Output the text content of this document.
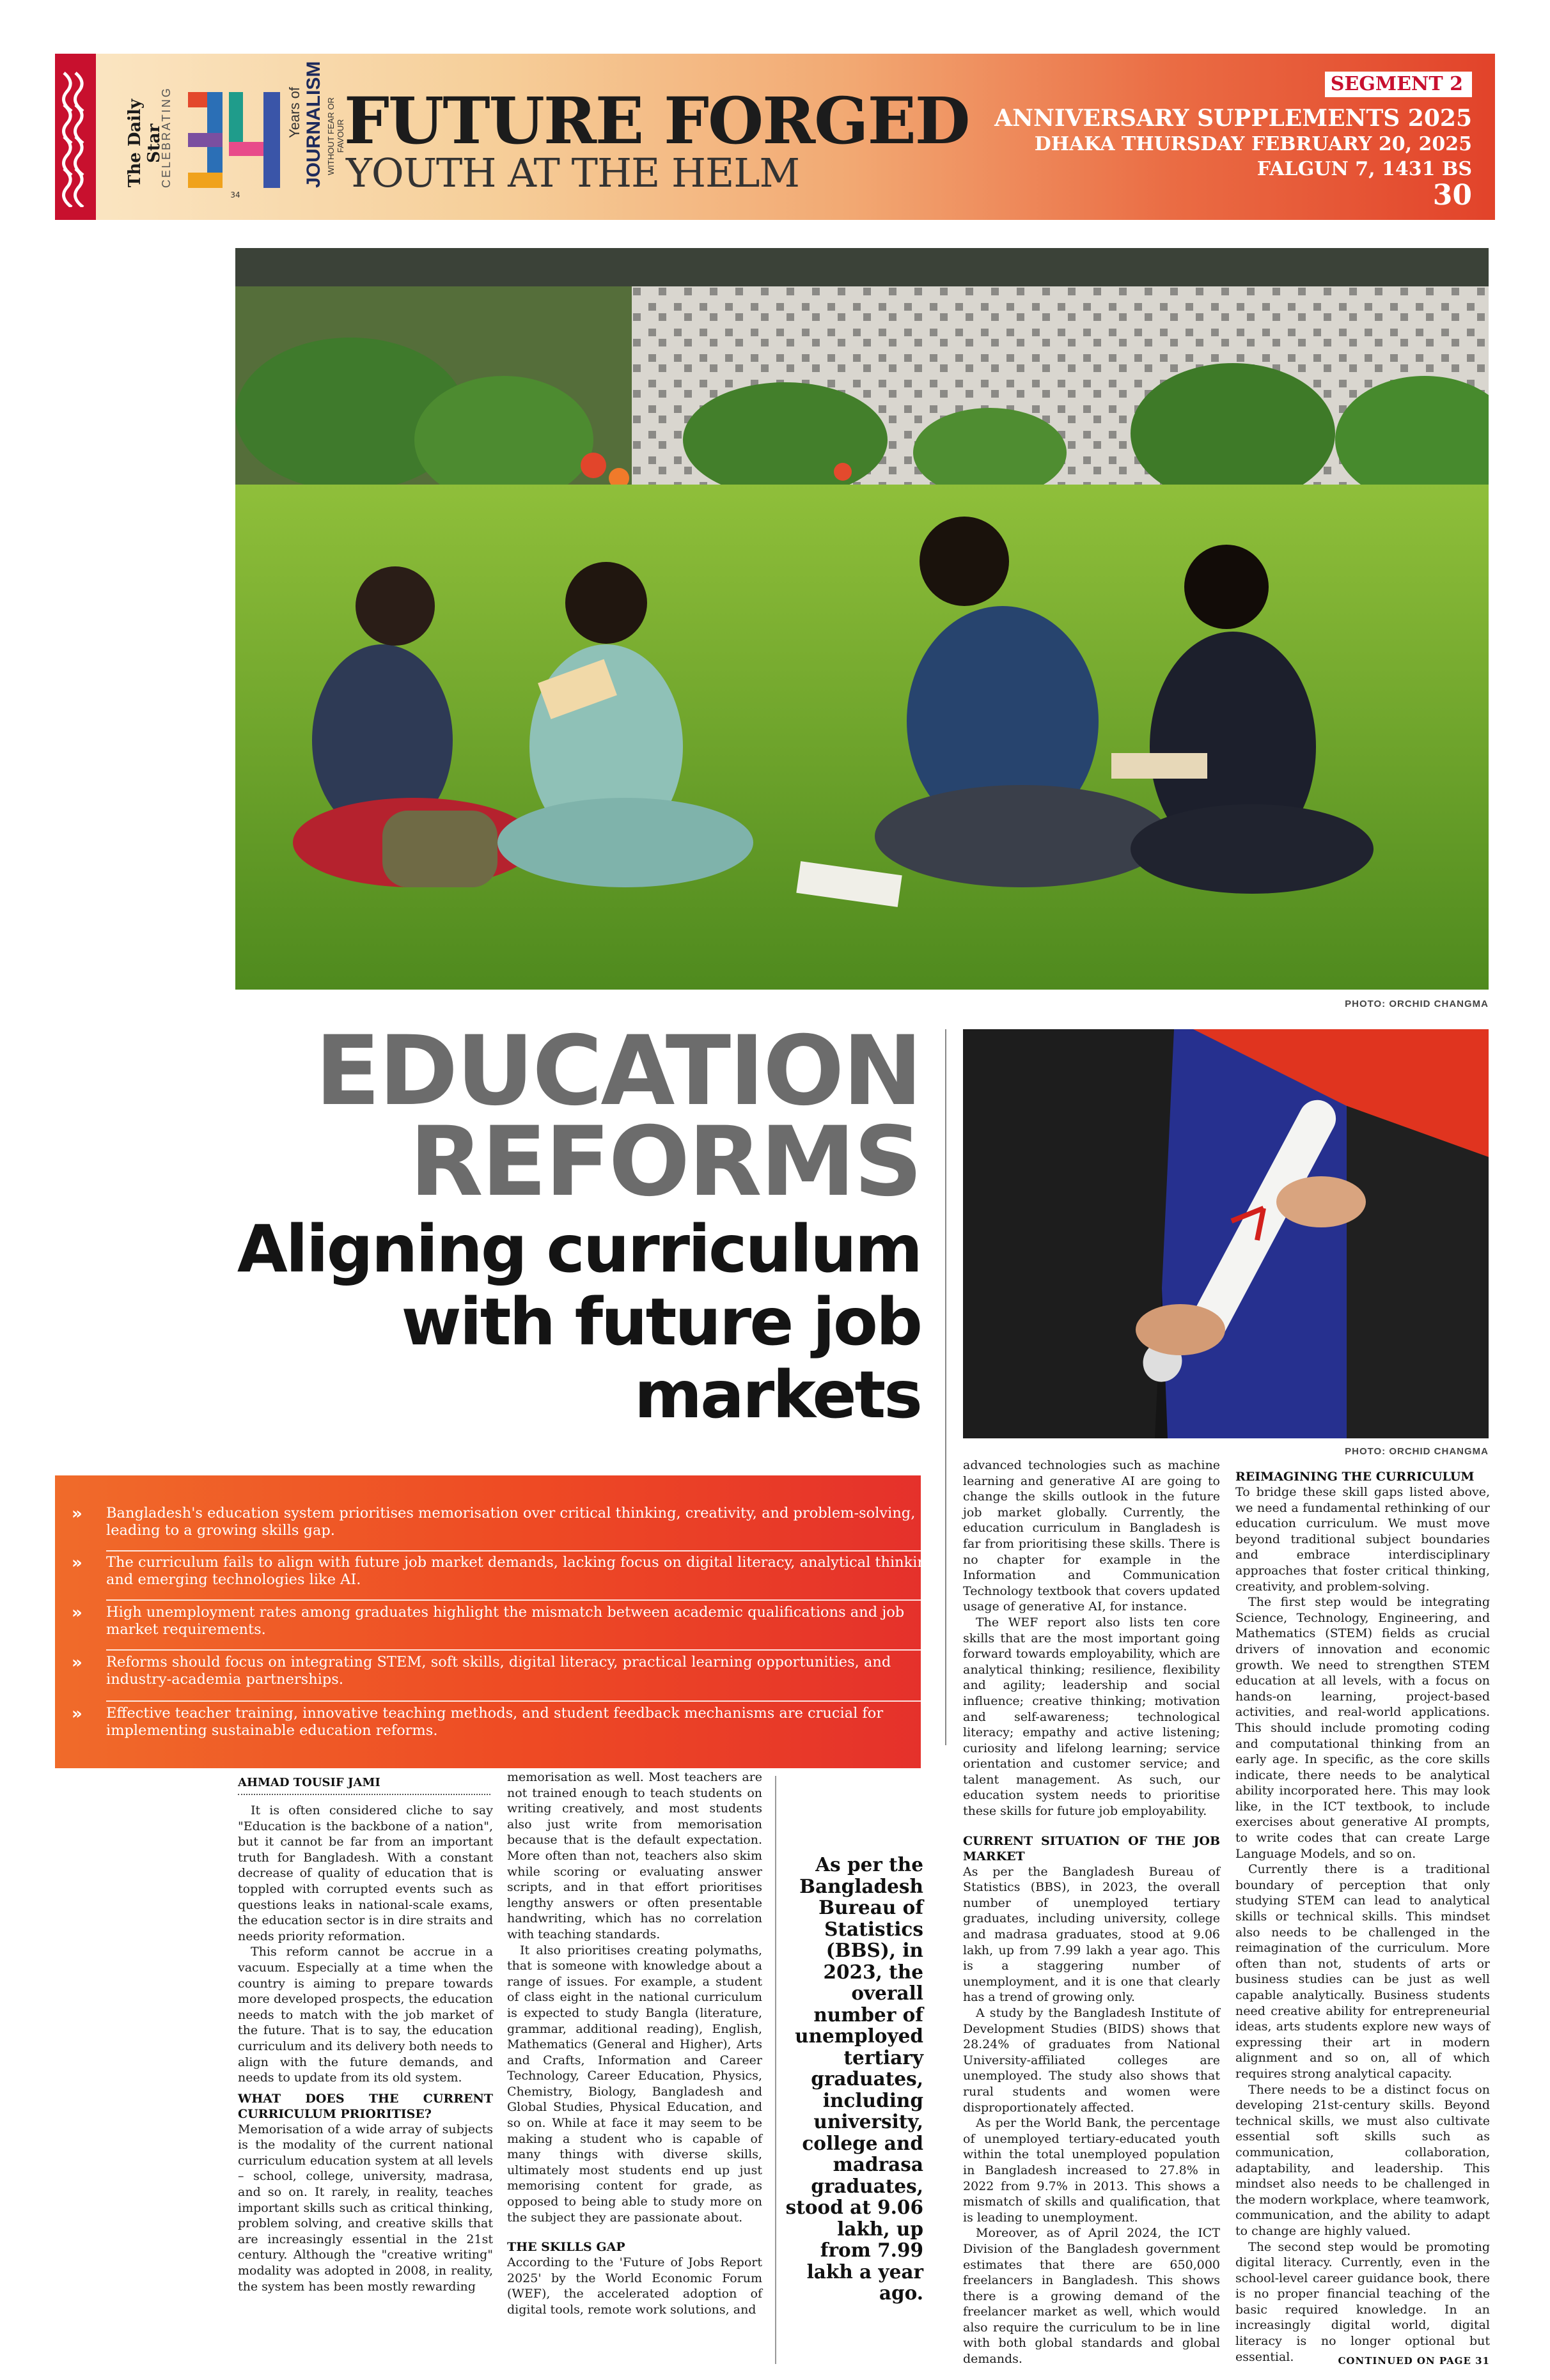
The Daily Star
CELEBRATING
34
Years of JOURNALISM WITHOUT FEAR OR FAVOUR
FUTURE FORGED
YOUTH AT THE HELM
SEGMENT 2
ANNIVERSARY SUPPLEMENTS 2025
DHAKA THURSDAY FEBRUARY 20, 2025
FALGUN 7, 1431 BS
30
PHOTO: ORCHID CHANGMA
EDUCATION
REFORMS
Aligning curriculum
with future job
markets
PHOTO: ORCHID CHANGMA
» Bangladesh's education system prioritises memorisation over critical thinking, creativity, and problem-solving, leading to a growing skills gap.
» The curriculum fails to align with future job market demands, lacking focus on digital literacy, analytical thinking, and emerging technologies like AI.
» High unemployment rates among graduates highlight the mismatch between academic qualifications and job market requirements.
» Reforms should focus on integrating STEM, soft skills, digital literacy, practical learning opportunities, and industry-academia partnerships.
» Effective teacher training, innovative teaching methods, and student feedback mechanisms are crucial for implementing sustainable education reforms.
AHMAD TOUSIF JAMI

It is often considered cliche to say "Education is the backbone of a nation", but it cannot be far from an important truth for Bangladesh. With a constant decrease of quality of education that is toppled with corrupted events such as questions leaks in national-scale exams, the education sector is in dire straits and needs priority reformation.

This reform cannot be accrue in a vacuum. Especially at a time when the country is aiming to prepare towards more developed prospects, the education needs to match with the job market of the future. That is to say, the education curriculum and its delivery both needs to align with the future demands, and needs to update from its old system.

WHAT DOES THE CURRENT CURRICULUM PRIORITISE?

Memorisation of a wide array of subjects is the modality of the current national curriculum education system at all levels – school, college, university, madrasa, and so on. It rarely, in reality, teaches important skills such as critical thinking, problem solving, and creative skills that are increasingly essential in the 21st century. Although the "creative writing" modality was adopted in 2008, in reality, the system has been mostly rewarding

memorisation as well. Most teachers are not trained enough to teach students on writing creatively, and most students also just write from memorisation because that is the default expectation. More often than not, teachers also skim while scoring or evaluating answer scripts, and in that effort prioritises lengthy answers or often presentable handwriting, which has no correlation with teaching standards.

It also prioritises creating polymaths, that is someone with knowledge about a range of issues. For example, a student of class eight in the national curriculum is expected to study Bangla (literature, grammar, additional reading), English, Mathematics (General and Higher), Arts and Crafts, Information and Career Technology, Career Education, Physics, Chemistry, Biology, Bangladesh and Global Studies, Physical Education, and so on. While at face it may seem to be making a student who is capable of many things with diverse skills, ultimately most students end up just memorising content for grade, as opposed to being able to study more on the subject they are passionate about.

THE SKILLS GAP

According to the 'Future of Jobs Report 2025' by the World Economic Forum (WEF), the accelerated adoption of digital tools, remote work solutions, and

As per the Bangladesh Bureau of Statistics (BBS), in 2023, the overall number of unemployed tertiary graduates, including university, college and madrasa graduates, stood at 9.06 lakh, up from 7.99 lakh a year ago.

advanced technologies such as machine learning and generative AI are going to change the skills outlook in the future job market globally. Currently, the education curriculum in Bangladesh is far from prioritising these skills. There is no chapter for example in the Information and Communication Technology textbook that covers updated usage of generative AI, for instance.

The WEF report also lists ten core skills that are the most important going forward towards employability, which are analytical thinking; resilience, flexibility and agility; leadership and social influence; creative thinking; motivation and self-awareness; technological literacy; empathy and active listening; curiosity and lifelong learning; service orientation and customer service; and talent management. As such, our education system needs to prioritise these skills for future job employability.

CURRENT SITUATION OF THE JOB MARKET

As per the Bangladesh Bureau of Statistics (BBS), in 2023, the overall number of unemployed tertiary graduates, including university, college and madrasa graduates, stood at 9.06 lakh, up from 7.99 lakh a year ago. This is a staggering number of unemployment, and it is one that clearly has a trend of growing only.

A study by the Bangladesh Institute of Development Studies (BIDS) shows that 28.24% of graduates from National University-affiliated colleges are unemployed. The study also shows that rural students and women were disproportionately affected.

As per the World Bank, the percentage of unemployed tertiary-educated youth within the total unemployed population in Bangladesh increased to 27.8% in 2022 from 9.7% in 2013. This shows a mismatch of skills and qualification, that is leading to unemployment.

Moreover, as of April 2024, the ICT Division of the Bangladesh government estimates that there are 650,000 freelancers in Bangladesh. This shows there is a growing demand of the freelancer market as well, which would also require the curriculum to be in line with both global standards and global demands.

REIMAGINING THE CURRICULUM

To bridge these skill gaps listed above, we need a fundamental rethinking of our education curriculum. We must move beyond traditional subject boundaries and embrace interdisciplinary approaches that foster critical thinking, creativity, and problem-solving.

The first step would be integrating Science, Technology, Engineering, and Mathematics (STEM) fields as crucial drivers of innovation and economic growth. We need to strengthen STEM education at all levels, with a focus on hands-on learning, project-based activities, and real-world applications. This should include promoting coding and computational thinking from an early age. In specific, as the core skills indicate, there needs to be analytical ability incorporated here. This may look like, in the ICT textbook, to include exercises about generative AI prompts, to write codes that can create Large Language Models, and so on.

Currently there is a traditional boundary of perception that only studying STEM can lead to analytical skills or technical skills. This mindset also needs to be challenged in the reimagination of the curriculum. More often than not, students of arts or business studies can be just as well capable analytically. Business students need creative ability for entrepreneurial ideas, arts students explore new ways of expressing their art in modern alignment and so on, all of which requires strong analytical capacity.

There needs to be a distinct focus on developing 21st-century skills. Beyond technical skills, we must also cultivate essential soft skills such as communication, collaboration, adaptability, and leadership. This mindset also needs to be challenged in the modern workplace, where teamwork, communication, and the ability to adapt to change are highly valued.

The second step would be promoting digital literacy. Currently, even in the school-level career guidance book, there is no proper financial teaching of the basic required knowledge. In an increasingly digital world, digital literacy is no longer optional but essential.	CONTINUED ON PAGE 31
